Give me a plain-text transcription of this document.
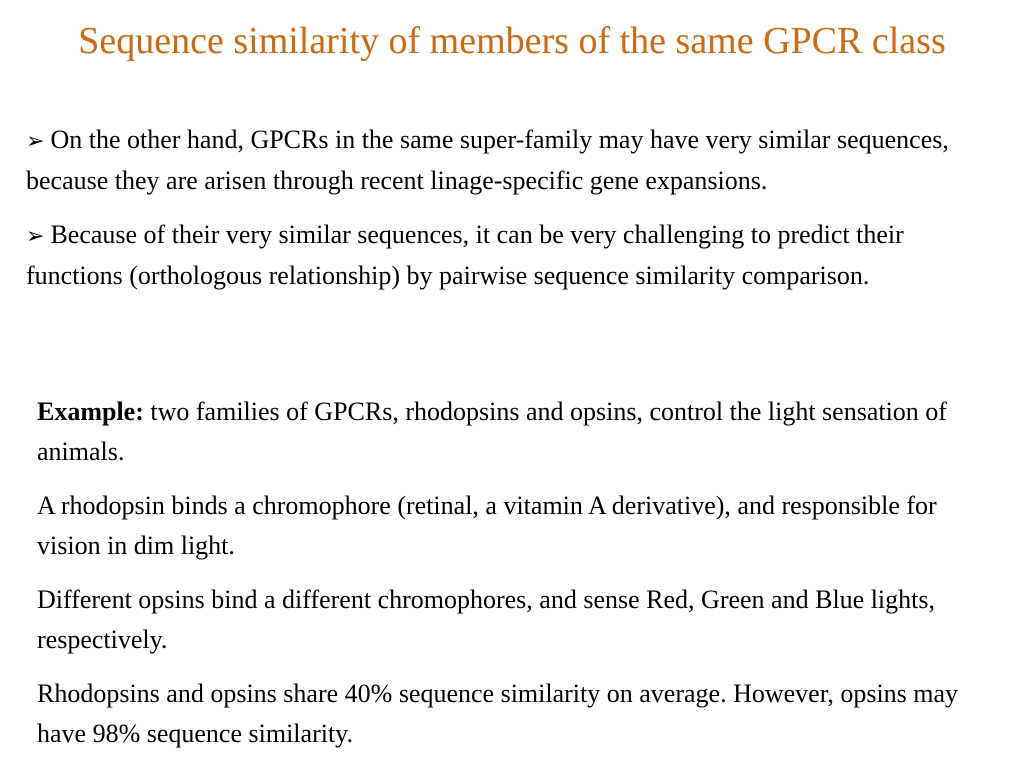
Sequence similarity of members of the same GPCR class

➢ On the other hand, GPCRs in the same super-family may have very similar sequences, because they are arisen through recent linage-specific gene expansions.

➢ Because of their very similar sequences, it can be very challenging to predict their functions (orthologous relationship) by pairwise sequence similarity comparison.

Example: two families of GPCRs, rhodopsins and opsins, control the light sensation of animals.

A rhodopsin binds a chromophore (retinal, a vitamin A derivative), and responsible for vision in dim light.

Different opsins bind a different chromophores, and sense Red, Green and Blue lights, respectively.

Rhodopsins and opsins share 40% sequence similarity on average. However, opsins may have 98% sequence similarity.
